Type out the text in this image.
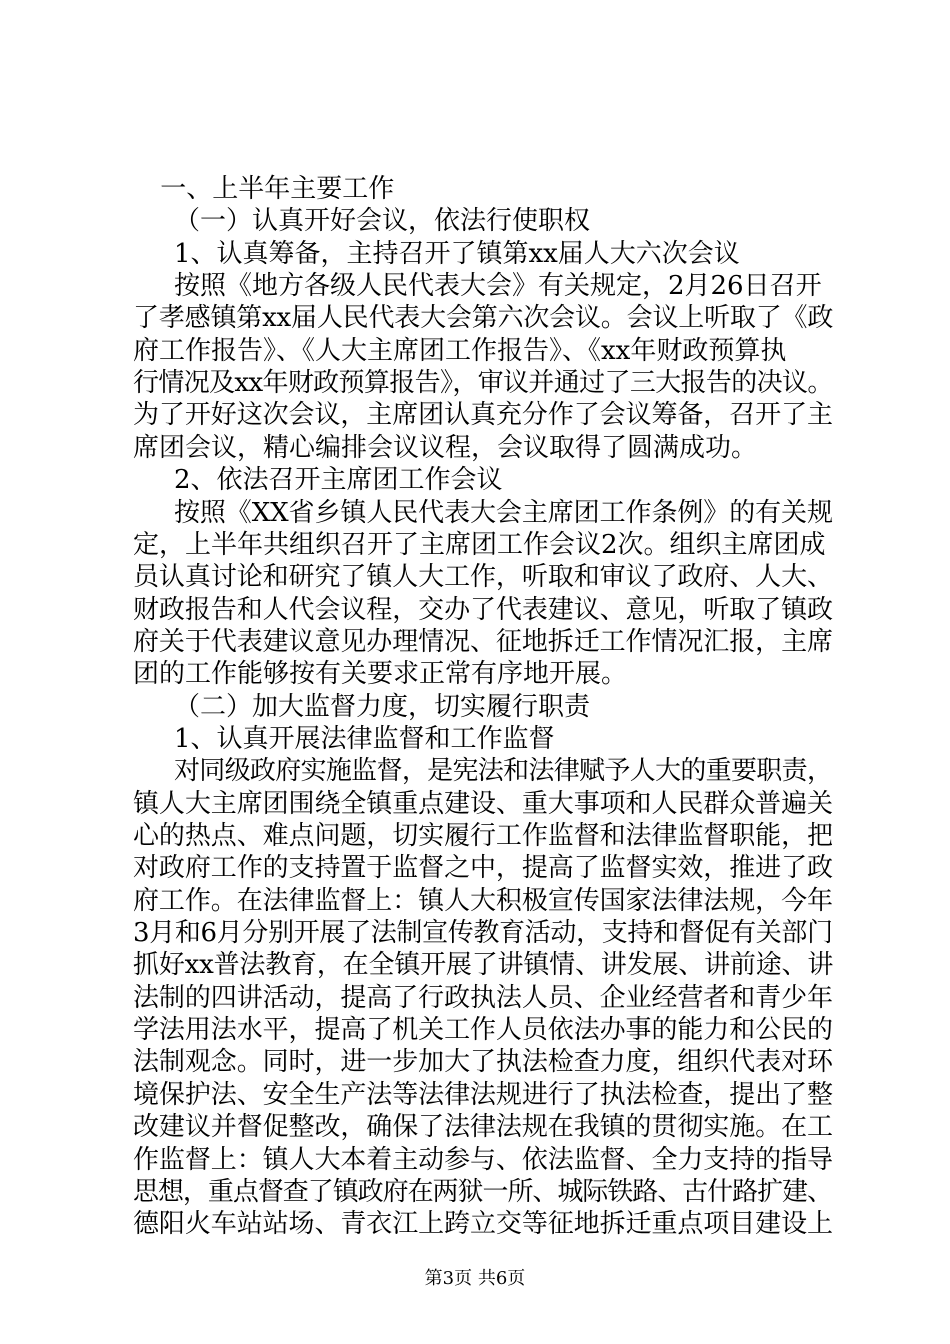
一、上半年主要工作
（一）认真开好会议，依法行使职权
1、认真筹备，主持召开了镇第xx届人大六次会议
按照《地方各级人民代表大会》有关规定，2月26日召开
了孝感镇第xx届人民代表大会第六次会议。会议上听取了《政
府工作报告》、《人大主席团工作报告》、《xx年财政预算执
行情况及xx年财政预算报告》，审议并通过了三大报告的决议。
为了开好这次会议，主席团认真充分作了会议筹备，召开了主
席团会议，精心编排会议议程，会议取得了圆满成功。
2、依法召开主席团工作会议
按照《XX省乡镇人民代表大会主席团工作条例》的有关规
定，上半年共组织召开了主席团工作会议2次。组织主席团成
员认真讨论和研究了镇人大工作，听取和审议了政府、人大、
财政报告和人代会议程，交办了代表建议、意见，听取了镇政
府关于代表建议意见办理情况、征地拆迁工作情况汇报，主席
团的工作能够按有关要求正常有序地开展。
（二）加大监督力度，切实履行职责
1、认真开展法律监督和工作监督
对同级政府实施监督，是宪法和法律赋予人大的重要职责，
镇人大主席团围绕全镇重点建设、重大事项和人民群众普遍关
心的热点、难点问题，切实履行工作监督和法律监督职能，把
对政府工作的支持置于监督之中，提高了监督实效，推进了政
府工作。在法律监督上：镇人大积极宣传国家法律法规，今年
3月和6月分别开展了法制宣传教育活动，支持和督促有关部门
抓好xx普法教育，在全镇开展了讲镇情、讲发展、讲前途、讲
法制的四讲活动，提高了行政执法人员、企业经营者和青少年
学法用法水平，提高了机关工作人员依法办事的能力和公民的
法制观念。同时，进一步加大了执法检查力度，组织代表对环
境保护法、安全生产法等法律法规进行了执法检查，提出了整
改建议并督促整改，确保了法律法规在我镇的贯彻实施。在工
作监督上：镇人大本着主动参与、依法监督、全力支持的指导
思想，重点督查了镇政府在两狱一所、城际铁路、古什路扩建、
德阳火车站站场、青衣江上跨立交等征地拆迁重点项目建设上
第3页 共6页
